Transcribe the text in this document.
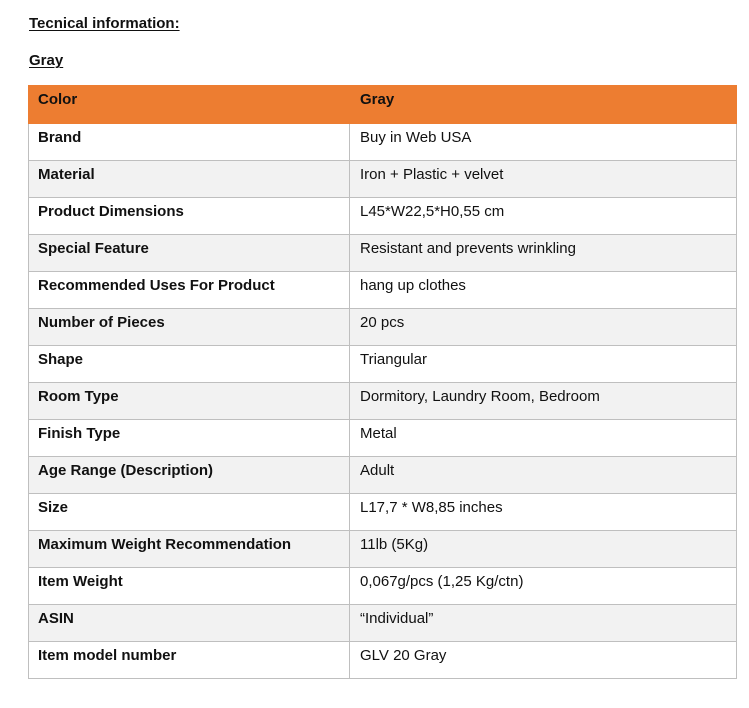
Tecnical information:
Gray
Color	Gray
Brand	Buy in Web USA
Material	Iron + Plastic + velvet
Product Dimensions	L45*W22,5*H0,55 cm
Special Feature	Resistant and prevents wrinkling
Recommended Uses For Product	hang up clothes
Number of Pieces	20 pcs
Shape	Triangular
Room Type	Dormitory, Laundry Room, Bedroom
Finish Type	Metal
Age Range (Description)	Adult
Size	L17,7 * W8,85 inches
Maximum Weight Recommendation	11lb (5Kg)
Item Weight	0,067g/pcs (1,25 Kg/ctn)
ASIN	“Individual”
Item model number	GLV 20 Gray
